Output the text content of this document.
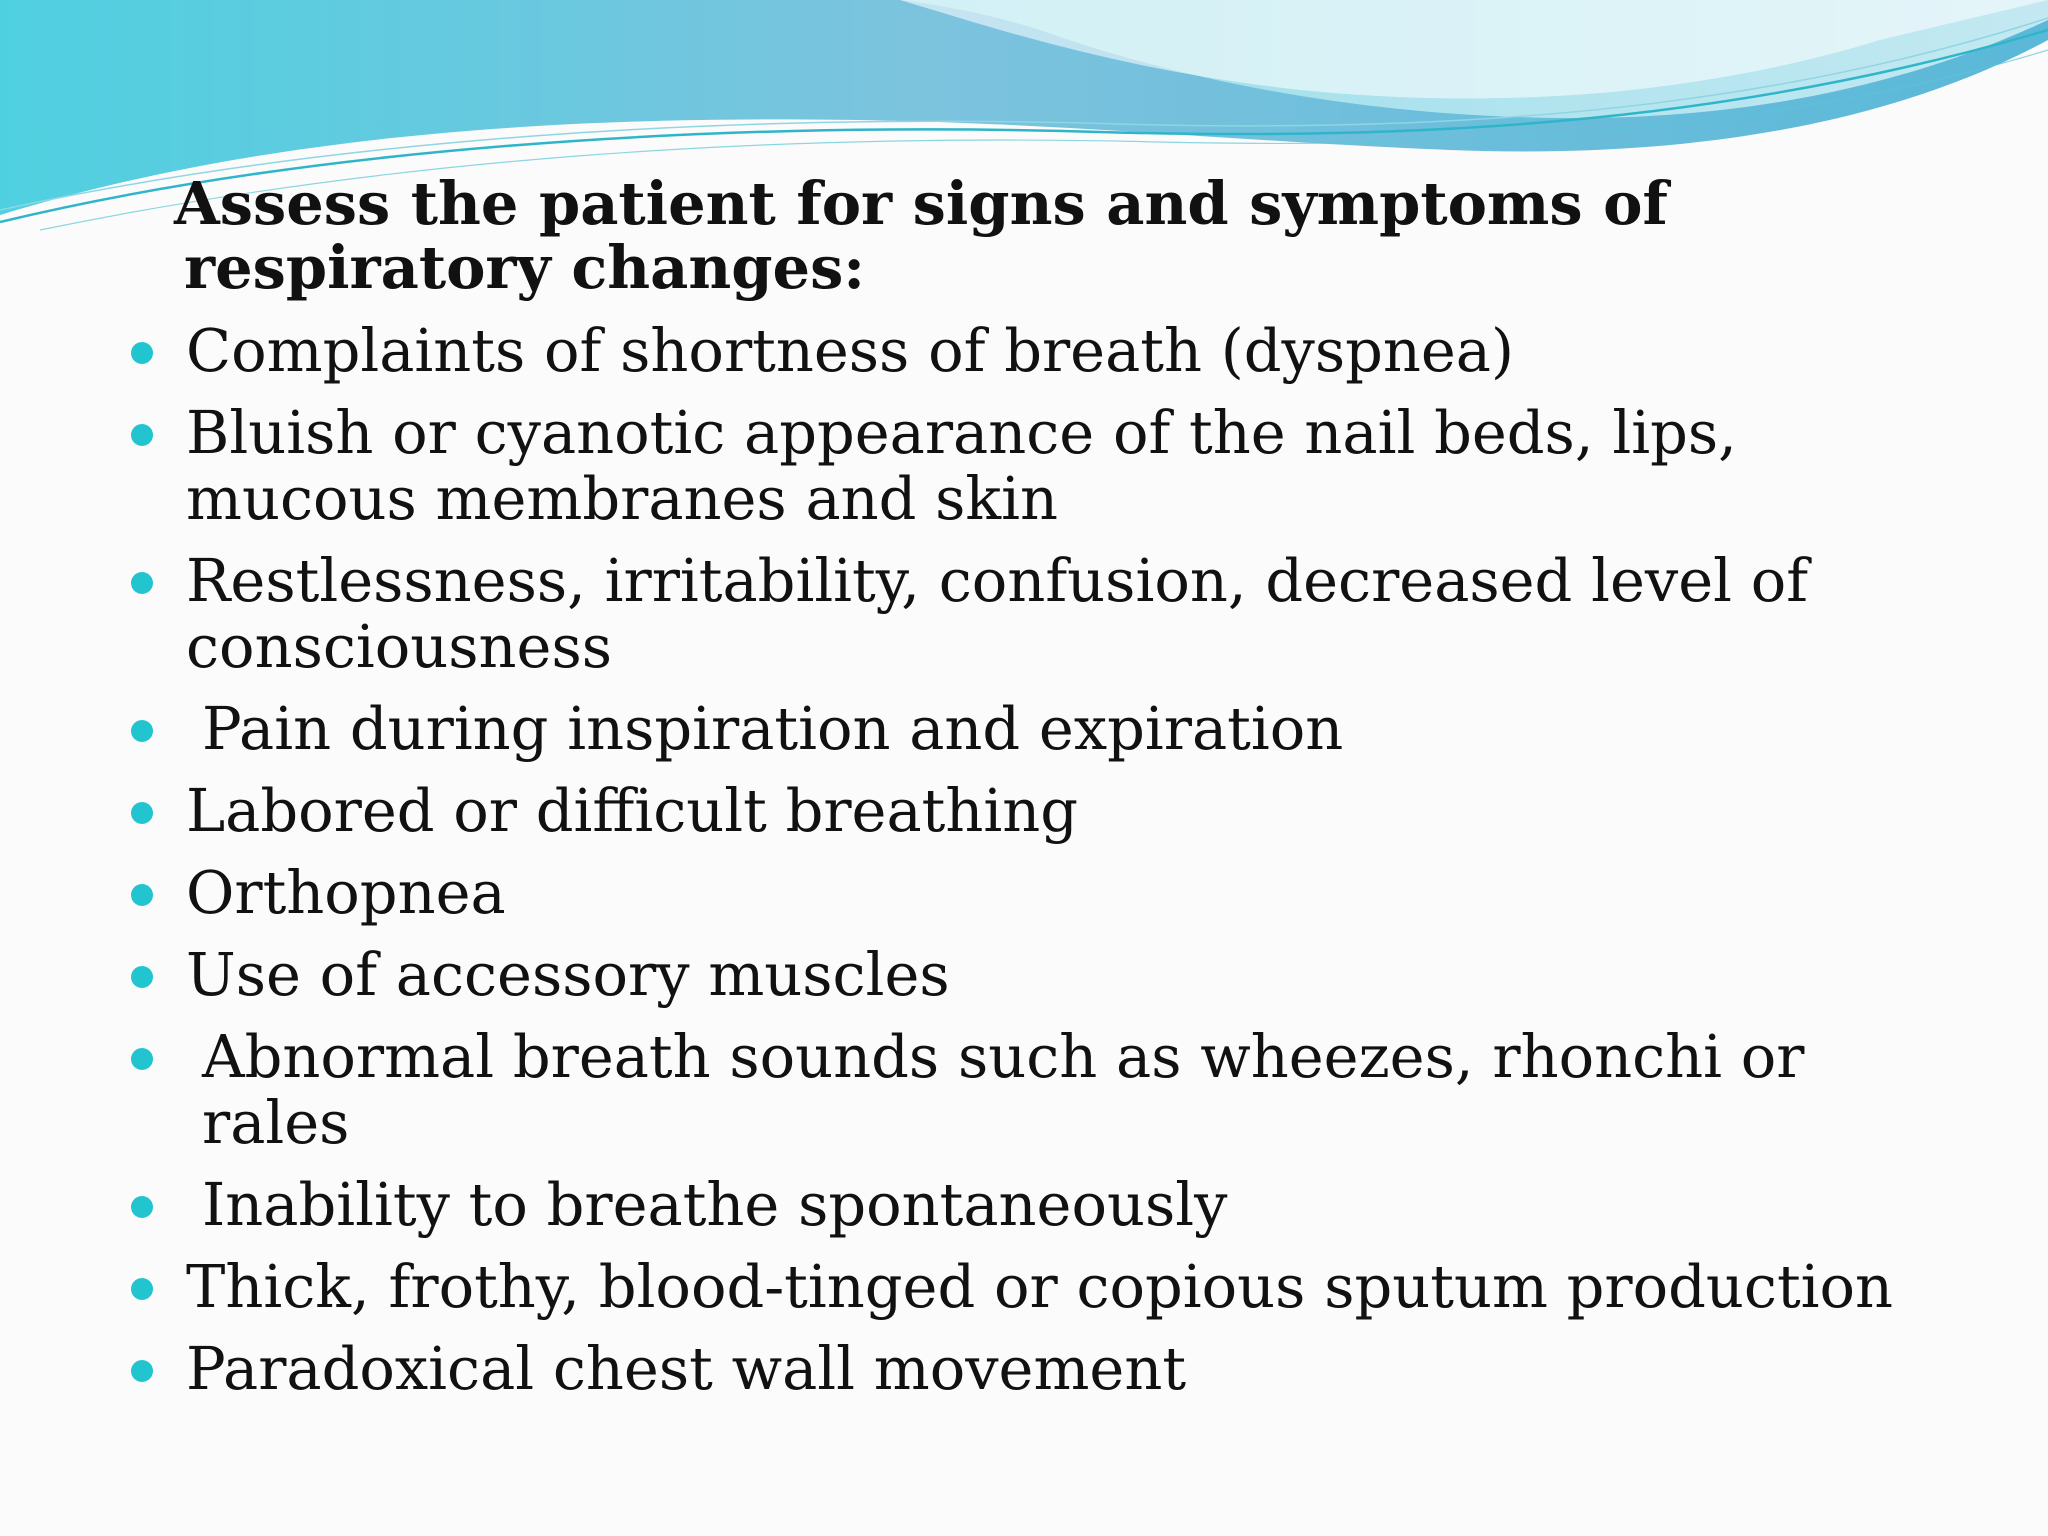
Assess the patient for signs and symptoms of
respiratory changes:
Complaints of shortness of breath (dyspnea)
Bluish or cyanotic appearance of the nail beds, lips, mucous membranes and skin
Restlessness, irritability, confusion, decreased level of consciousness
Pain during inspiration and expiration
Labored or difficult breathing
Orthopnea
Use of accessory muscles
Abnormal breath sounds such as wheezes, rhonchi or rales
Inability to breathe spontaneously
Thick, frothy, blood-tinged or copious sputum production
Paradoxical chest wall movement
